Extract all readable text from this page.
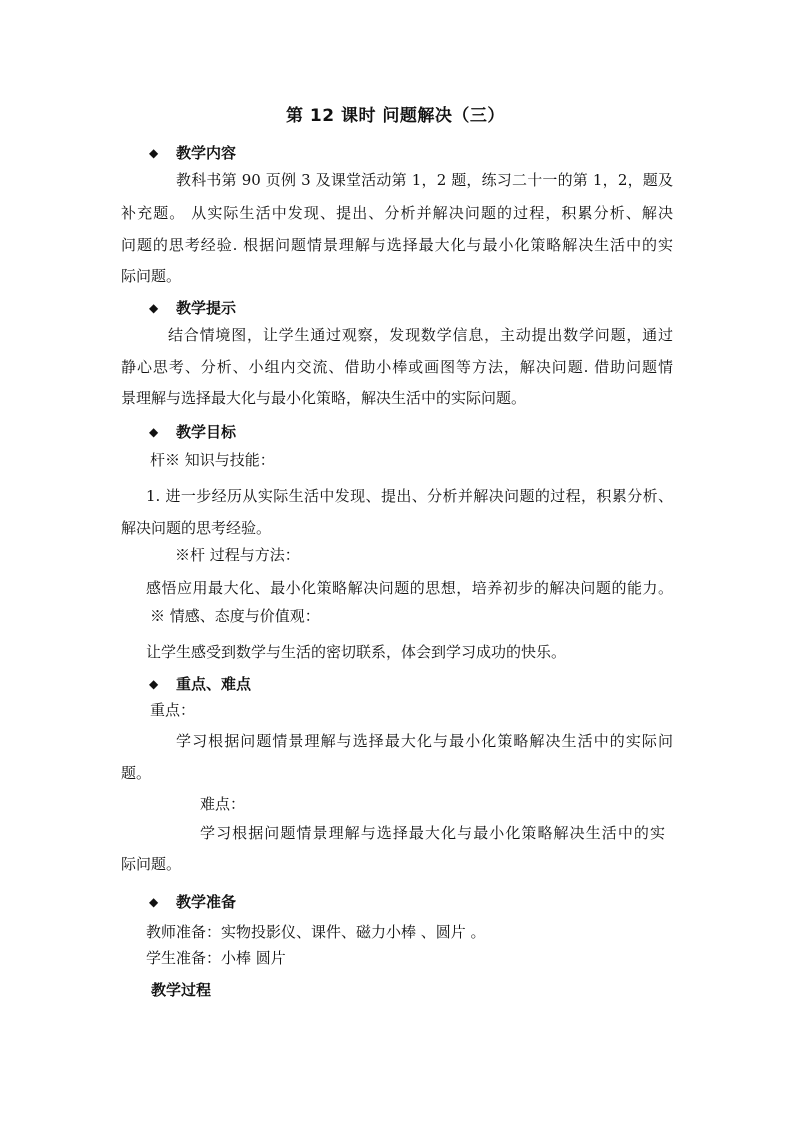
第 12 课时 问题解决（三）
◆ 教学内容
教科书第 90 页例 3 及课堂活动第 1，2 题，练习二十一的第 1，2，题及
补充题。 从实际生活中发现、提出、分析并解决问题的过程，积累分析、解决
问题的思考经验. 根据问题情景理解与选择最大化与最小化策略解决生活中的实
际问题。
◆ 教学提示
结合情境图，让学生通过观察，发现数学信息，主动提出数学问题，通过
静心思考、分析、小组内交流、借助小棒或画图等方法，解决问题. 借助问题情
景理解与选择最大化与最小化策略，解决生活中的实际问题。
◆ 教学目标
杆※ 知识与技能：
1. 进一步经历从实际生活中发现、提出、分析并解决问题的过程，积累分析、
解决问题的思考经验。
※杆 过程与方法：
感悟应用最大化、最小化策略解决问题的思想，培养初步的解决问题的能力。
※ 情感、态度与价值观：
让学生感受到数学与生活的密切联系，体会到学习成功的快乐。
◆ 重点、难点
重点：
学习根据问题情景理解与选择最大化与最小化策略解决生活中的实际问
题。
难点：
学习根据问题情景理解与选择最大化与最小化策略解决生活中的实
际问题。
◆ 教学准备
教师准备：实物投影仪、课件、磁力小棒 、圆片 。
学生准备：小棒 圆片
教学过程
